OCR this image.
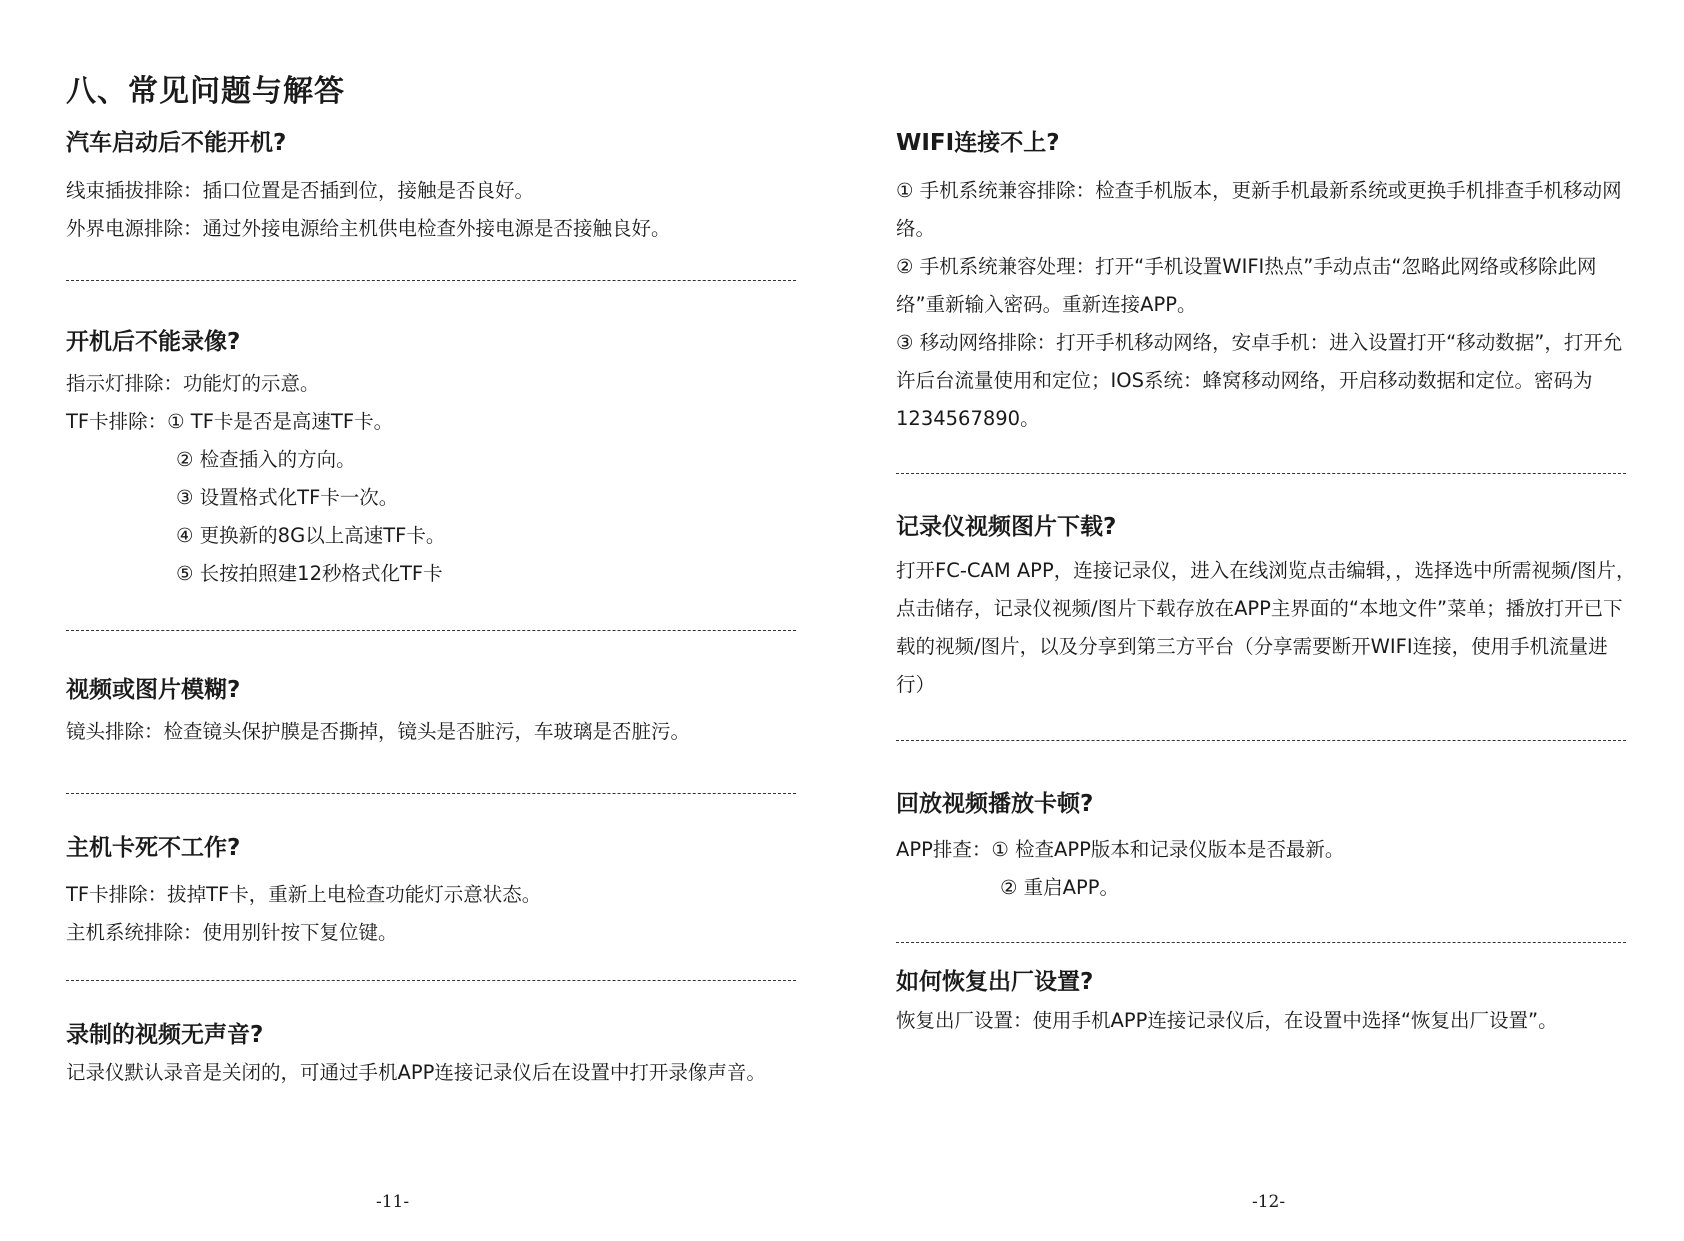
八、常见问题与解答

汽车启动后不能开机?

线束插拔排除：插口位置是否插到位，接触是否良好。

外界电源排除：通过外接电源给主机供电检查外接电源是否接触良好。

开机后不能录像?

指示灯排除：功能灯的示意。

TF卡排除：① TF卡是否是高速TF卡。

② 检查插入的方向。

③ 设置格式化TF卡一次。

④ 更换新的8G以上高速TF卡。

⑤ 长按拍照建12秒格式化TF卡

视频或图片模糊?

镜头排除：检查镜头保护膜是否撕掉，镜头是否脏污，车玻璃是否脏污。

主机卡死不工作?

TF卡排除：拔掉TF卡，重新上电检查功能灯示意状态。

主机系统排除：使用别针按下复位键。

录制的视频无声音?

记录仪默认录音是关闭的，可通过手机APP连接记录仪后在设置中打开录像声音。

-11-

WIFI连接不上?

① 手机系统兼容排除：检查手机版本，更新手机最新系统或更换手机排查手机移动网络。

② 手机系统兼容处理：打开“手机设置WIFI热点”手动点击“忽略此网络或移除此网络”重新输入密码。重新连接APP。

③ 移动网络排除：打开手机移动网络，安卓手机：进入设置打开“移动数据”，打开允许后台流量使用和定位；IOS系统：蜂窝移动网络，开启移动数据和定位。密码为1234567890。

记录仪视频图片下载?

打开FC-CAM APP，连接记录仪，进入在线浏览点击编辑，，选择选中所需视频/图片，点击储存，记录仪视频/图片下载存放在APP主界面的“本地文件”菜单；播放打开已下载的视频/图片，以及分享到第三方平台（分享需要断开WIFI连接，使用手机流量进行）

回放视频播放卡顿?

APP排查：① 检查APP版本和记录仪版本是否最新。

② 重启APP。

如何恢复出厂设置?

恢复出厂设置：使用手机APP连接记录仪后，在设置中选择“恢复出厂设置”。

-12-
